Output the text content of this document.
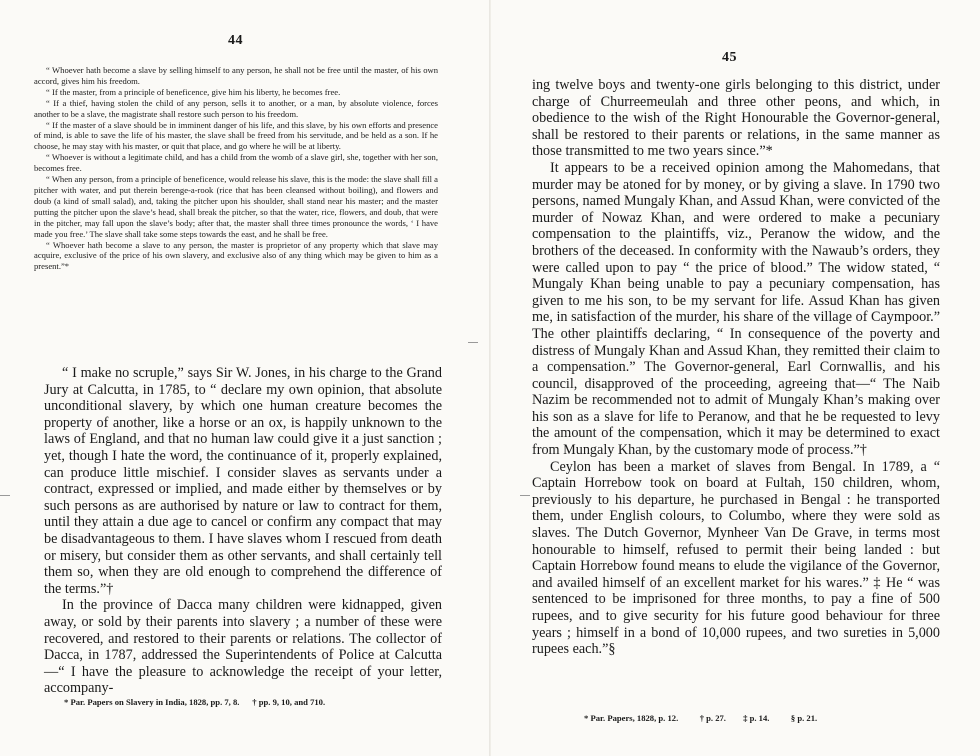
44

“ Whoever hath become a slave by selling himself to any person, he shall not be free until the master, of his own accord, gives him his freedom.

“ If the master, from a principle of beneficence, give him his liberty, he becomes free.

“ If a thief, having stolen the child of any person, sells it to another, or a man, by absolute violence, forces another to be a slave, the magistrate shall restore such person to his freedom.

“ If the master of a slave should be in imminent danger of his life, and this slave, by his own efforts and presence of mind, is able to save the life of his master, the slave shall be freed from his servitude, and be held as a son. If he choose, he may stay with his master, or quit that place, and go where he will be at liberty.

“ Whoever is without a legitimate child, and has a child from the womb of a slave girl, she, together with her son, becomes free.

“ When any person, from a principle of beneficence, would release his slave, this is the mode: the slave shall fill a pitcher with water, and put therein berenge-a-rook (rice that has been cleansed without boiling), and flowers and doub (a kind of small salad), and, taking the pitcher upon his shoulder, shall stand near his master; and the master putting the pitcher upon the slave’s head, shall break the pitcher, so that the water, rice, flowers, and doub, that were in the pitcher, may fall upon the slave’s body; after that, the master shall three times pronounce the words, ‘ I have made you free.’ The slave shall take some steps towards the east, and he shall be free.

“ Whoever hath become a slave to any person, the master is proprietor of any property which that slave may acquire, exclusive of the price of his own slavery, and exclusive also of any thing which may be given to him as a present.”*

“ I make no scruple,” says Sir W. Jones, in his charge to the Grand Jury at Calcutta, in 1785, to “ declare my own opinion, that absolute unconditional slavery, by which one human creature becomes the property of another, like a horse or an ox, is happily unknown to the laws of England, and that no human law could give it a just sanction ; yet, though I hate the word, the continuance of it, properly explained, can produce little mischief. I consider slaves as servants under a contract, expressed or implied, and made either by themselves or by such persons as are authorised by nature or law to contract for them, until they attain a due age to cancel or confirm any compact that may be disadvantageous to them. I have slaves whom I rescued from death or misery, but consider them as other servants, and shall certainly tell them so, when they are old enough to comprehend the difference of the terms.”†

In the province of Dacca many children were kidnapped, given away, or sold by their parents into slavery ; a number of these were recovered, and restored to their parents or relations. The collector of Dacca, in 1787, addressed the Superintendents of Police at Calcutta—“ I have the pleasure to acknowledge the receipt of your letter, accompany-

* Par. Papers on Slavery in India, 1828, pp. 7, 8.      † pp. 9, 10, and 710.
45

ing twelve boys and twenty-one girls belonging to this district, under charge of Churreemeulah and three other peons, and which, in obedience to the wish of the Right Honourable the Governor-general, shall be restored to their parents or relations, in the same manner as those transmitted to me two years since.”*

It appears to be a received opinion among the Mahomedans, that murder may be atoned for by money, or by giving a slave. In 1790 two persons, named Mungaly Khan, and Assud Khan, were convicted of the murder of Nowaz Khan, and were ordered to make a pecuniary compensation to the plaintiffs, viz., Peranow the widow, and the brothers of the deceased. In conformity with the Nawaub’s orders, they were called upon to pay “ the price of blood.” The widow stated, “ Mungaly Khan being unable to pay a pecuniary compensation, has given to me his son, to be my servant for life. Assud Khan has given me, in satisfaction of the murder, his share of the village of Caympoor.” The other plaintiffs declaring, “ In consequence of the poverty and distress of Mungaly Khan and Assud Khan, they remitted their claim to a compensation.” The Governor-general, Earl Cornwallis, and his council, disapproved of the proceeding, agreeing that—“ The Naib Nazim be recommended not to admit of Mungaly Khan’s making over his son as a slave for life to Peranow, and that he be requested to levy the amount of the compensation, which it may be determined to exact from Mungaly Khan, by the customary mode of process.”†

Ceylon has been a market of slaves from Bengal. In 1789, a “ Captain Horrebow took on board at Fultah, 150 children, whom, previously to his departure, he purchased in Bengal : he transported them, under English colours, to Columbo, where they were sold as slaves. The Dutch Governor, Mynheer Van De Grave, in terms most honourable to himself, refused to permit their being landed : but Captain Horrebow found means to elude the vigilance of the Governor, and availed himself of an excellent market for his wares.” ‡ He “ was sentenced to be imprisoned for three months, to pay a fine of 500 rupees, and to give security for his future good behaviour for three years ; himself in a bond of 10,000 rupees, and two sureties in 5,000 rupees each.”§

* Par. Papers, 1828, p. 12.          † p. 27.        ‡ p. 14.          § p. 21.
